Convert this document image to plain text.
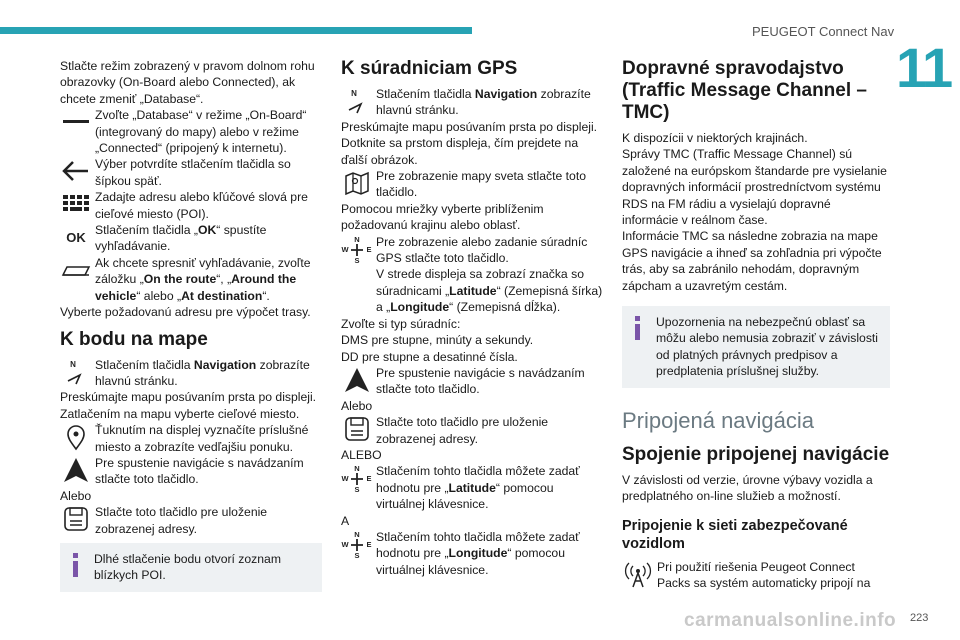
PEUGEOT Connect Nav
11

Stlačte režim zobrazený v pravom dolnom rohu obrazovky (On-Board alebo Connected), ak chcete zmeniť „Database“.

Zvoľte „Database“ v režime „On-Board“ (integrovaný do mapy) alebo v režime „Connected“ (pripojený k internetu).

Výber potvrdíte stlačením tlačidla so šípkou späť.

Zadajte adresu alebo kľúčové slová pre cieľové miesto (POI).

OK Stlačením tlačidla „OK“ spustíte vyhľadávanie.

Ak chcete spresniť vyhľadávanie, zvoľte záložku „On the route“, „Around the vehicle“ alebo „At destination“.

Vyberte požadovanú adresu pre výpočet trasy.

K bodu na mape
N Stlačením tlačidla Navigation zobrazíte hlavnú stránku.

Preskúmajte mapu posúvaním prsta po displeji. Zatlačením na mapu vyberte cieľové miesto.

Ťuknutím na displej vyznačíte príslušné miesto a zobrazíte vedľajšiu ponuku.

Pre spustenie navigácie s navádzaním stlačte toto tlačidlo.

Alebo

Stlačte toto tlačidlo pre uloženie zobrazenej adresy.

Dlhé stlačenie bodu otvorí zoznam blízkych POI.

K súradniciam GPS
N Stlačením tlačidla Navigation zobrazíte hlavnú stránku.

Preskúmajte mapu posúvaním prsta po displeji. Dotknite sa prstom displeja, čím prejdete na ďalší obrázok.

Pre zobrazenie mapy sveta stlačte toto tlačidlo.

Pomocou mriežky vyberte priblíženim požadovanú krajinu alebo oblasť.

N
S
W E

Pre zobrazenie alebo zadanie súradníc GPS stlačte toto tlačidlo.

V strede displeja sa zobrazí značka so súradnicami „Latitude“ (Zemepisná šírka) a „Longitude“ (Zemepisná dĺžka).

Zvoľte si typ súradníc:

DMS pre stupne, minúty a sekundy.

DD pre stupne a desatinné čísla.

Pre spustenie navigácie s navádzaním stlačte toto tlačidlo.

Alebo

Stlačte toto tlačidlo pre uloženie zobrazenej adresy.

ALEBO

N
S
W E

Stlačením tohto tlačidla môžete zadať hodnotu pre „Latitude“ pomocou virtuálnej klávesnice.

A

N
S
W E

Stlačením tohto tlačidla môžete zadať hodnotu pre „Longitude“ pomocou virtuálnej klávesnice.

Dopravné spravodajstvo (Traffic Message Channel – TMC)

K dispozícii v niektorých krajinách.

Správy TMC (Traffic Message Channel) sú založené na európskom štandarde pre vysielanie dopravných informácií prostredníctvom systému RDS na FM rádiu a vysielajú dopravné informácie v reálnom čase.

Informácie TMC sa následne zobrazia na mape GPS navigácie a ihneď sa zohľadnia pri výpočte trás, aby sa zabránilo nehodám, dopravným zápcham a uzavretým cestám.

Upozornenia na nebezpečnú oblasť sa môžu alebo nemusia zobraziť v závislosti od platných právnych predpisov a predplatenia príslušnej služby.

Pripojená navigácia
Spojenie pripojenej navigácie

V závislosti od verzie, úrovne výbavy vozidla a predplatného on-line služieb a možností.

Pripojenie k sieti zabezpečované vozidlom

Pri použití riešenia Peugeot Connect Packs sa systém automaticky pripojí na

carmanualsonline.info 223
